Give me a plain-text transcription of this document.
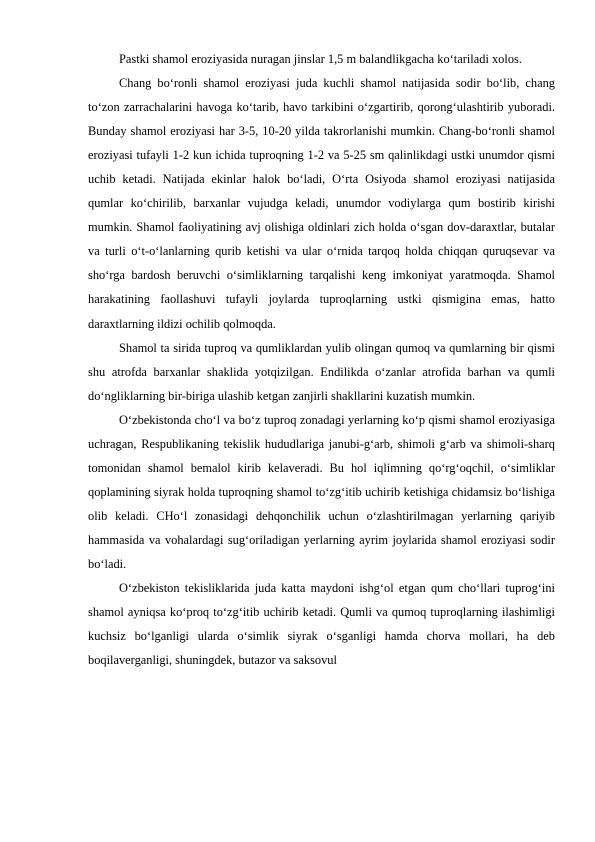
Pastki shamol eroziyasida nuragan jinslar 1,5 m balandlikgacha ko‘tariladi xolos.

Chang bo‘ronli shamol eroziyasi juda kuchli shamol natijasida sodir bo‘lib, chang to‘zon zarrachalarini havoga ko‘tarib, havo tarkibini o‘zgartirib, qorong‘ulashtirib yuboradi. Bunday shamol eroziyasi har 3-5, 10-20 yilda takrorlanishi mumkin. Chang-bo‘ronli shamol eroziyasi tufayli 1-2 kun ichida tuproqning 1-2 va 5-25 sm qalinlikdagi ustki unumdor qismi uchib ketadi. Natijada ekinlar halok bo‘ladi, O‘rta Osiyoda shamol eroziyasi natijasida qumlar ko‘chirilib, barxanlar vujudga keladi, unumdor vodiylarga qum bostirib kirishi mumkin. Shamol faoliyatining avj olishiga oldinlari zich holda o‘sgan dov-daraxtlar, butalar va turli o‘t-o‘lanlarning qurib ketishi va ular o‘rnida tarqoq holda chiqqan quruqsevar va sho‘rga bardosh beruvchi o‘simliklarning tarqalishi keng imkoniyat yaratmoqda. Shamol harakatining faollashuvi tufayli joylarda tuproqlarning ustki qismigina emas, hatto daraxtlarning ildizi ochilib qolmoqda.

Shamol ta sirida tuproq va qumliklardan yulib olingan qumoq va qumlarning bir qismi shu atrofda barxanlar shaklida yotqizilgan. Endilikda o‘zanlar atrofida barhan va qumli do‘ngliklarning bir-biriga ulashib ketgan zanjirli shakllarini kuzatish mumkin.

O‘zbekistonda cho‘l va bo‘z tuproq zonadagi yerlarning ko‘p qismi shamol eroziyasiga uchragan, Respublikaning tekislik hududlariga janubi-g‘arb, shimoli g‘arb va shimoli-sharq tomonidan shamol bemalol kirib kelaveradi. Bu hol iqlimning qo‘rg‘oqchil, o‘simliklar qoplamining siyrak holda tuproqning shamol to‘zg‘itib uchirib ketishiga chidamsiz bo‘lishiga olib keladi. CHo‘l zonasidagi dehqonchilik uchun o‘zlashtirilmagan yerlarning qariyib hammasida va vohalardagi sug‘oriladigan yerlarning ayrim joylarida shamol eroziyasi sodir bo‘ladi.

O‘zbekiston tekisliklarida juda katta maydoni ishg‘ol etgan qum cho‘llari tuprog‘ini shamol ayniqsa ko‘proq to‘zg‘itib uchirib ketadi. Qumli va qumoq tuproqlarning ilashimligi kuchsiz bo‘lganligi ularda o‘simlik siyrak o‘sganligi hamda chorva mollari, ha deb boqilaverganligi, shuningdek, butazor va saksovul
